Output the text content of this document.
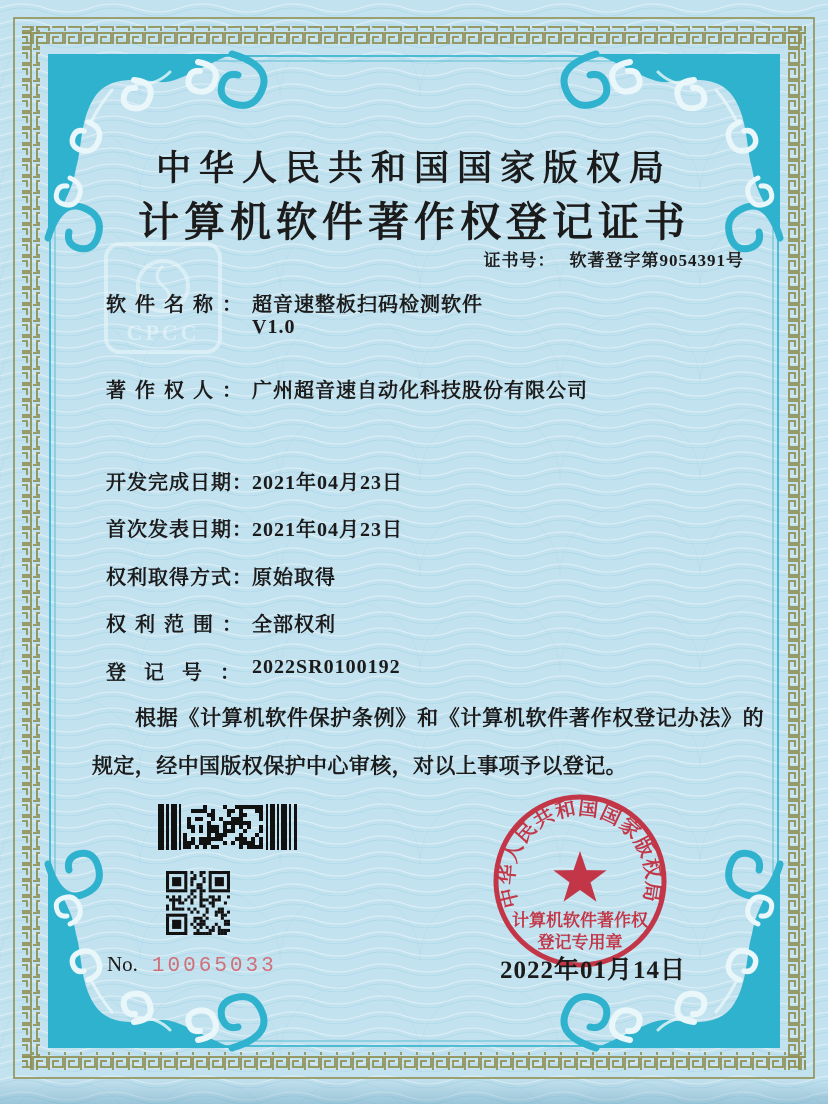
CPCC
中华人民共和国国家版权局
计算机软件著作权登记证书
证书号： 软著登字第9054391号
软件名称： 超音速整板扫码检测软件
V1.0
著作权人： 广州超音速自动化科技股份有限公司
开发完成日期： 2021年04月23日
首次发表日期： 2021年04月23日
权利取得方式： 原始取得
权利范围： 全部权利
登记号：
2022SR0100192
根据《计算机软件保护条例》和《计算机软件著作权登记办法》的规定，经中国版权保护中心审核，对以上事项予以登记。
中华人民共和国国家版权局
计算机软件著作权
登记专用章
No. 10065033	2022年01月14日
